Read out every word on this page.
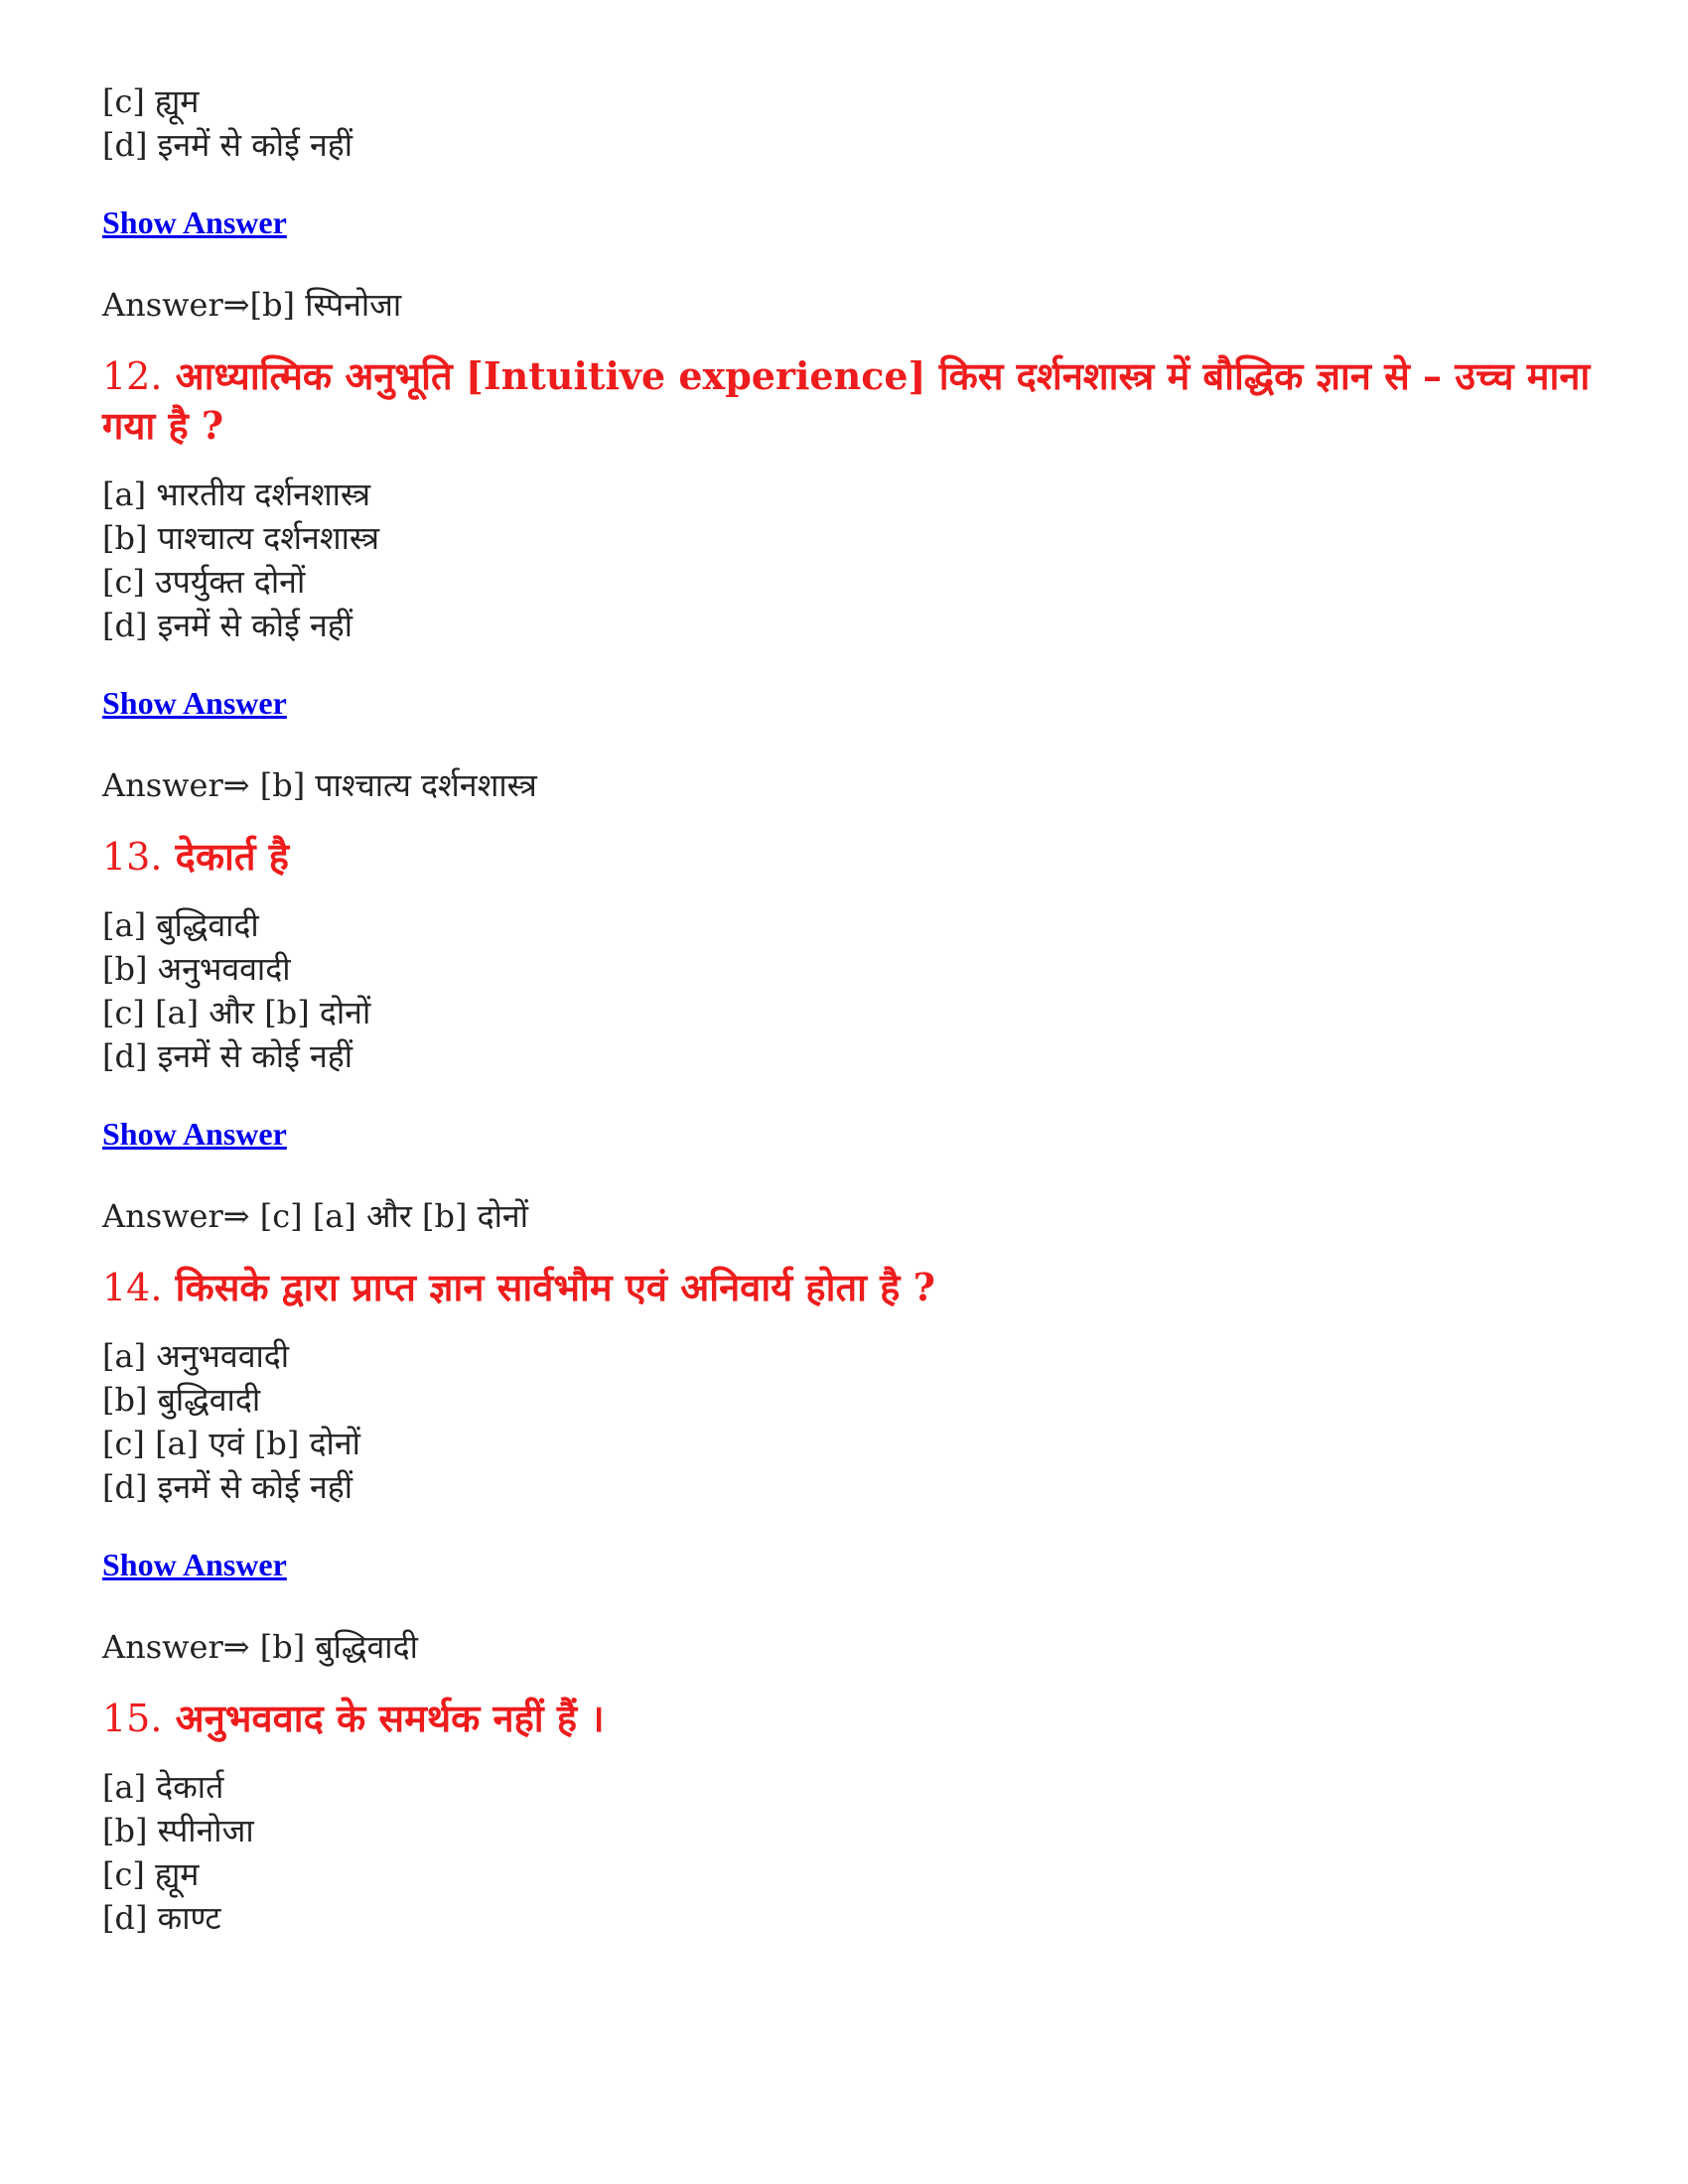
[c] ह्यूम

[d] इनमें से कोई नहीं

Show Answer
Answer⇒[b] स्पिनोजा
12. आध्यात्मिक अनुभूति [Intuitive experience] किस दर्शनशास्त्र में बौद्धिक ज्ञान से – उच्च माना गया है ?

[a] भारतीय दर्शनशास्त्र

[b] पाश्चात्य दर्शनशास्त्र

[c] उपर्युक्त दोनों

[d] इनमें से कोई नहीं

Show Answer
Answer⇒ [b] पाश्चात्य दर्शनशास्त्र
13. देकार्त है

[a] बुद्धिवादी

[b] अनुभववादी

[c] [a] और [b] दोनों

[d] इनमें से कोई नहीं

Show Answer
Answer⇒ [c] [a] और [b] दोनों
14. किसके द्वारा प्राप्त ज्ञान सार्वभौम एवं अनिवार्य होता है ?

[a] अनुभववादी

[b] बुद्धिवादी

[c] [a] एवं [b] दोनों

[d] इनमें से कोई नहीं

Show Answer
Answer⇒ [b] बुद्धिवादी
15. अनुभववाद के समर्थक नहीं हैं ।

[a] देकार्त

[b] स्पीनोजा

[c] ह्यूम

[d] काण्ट
